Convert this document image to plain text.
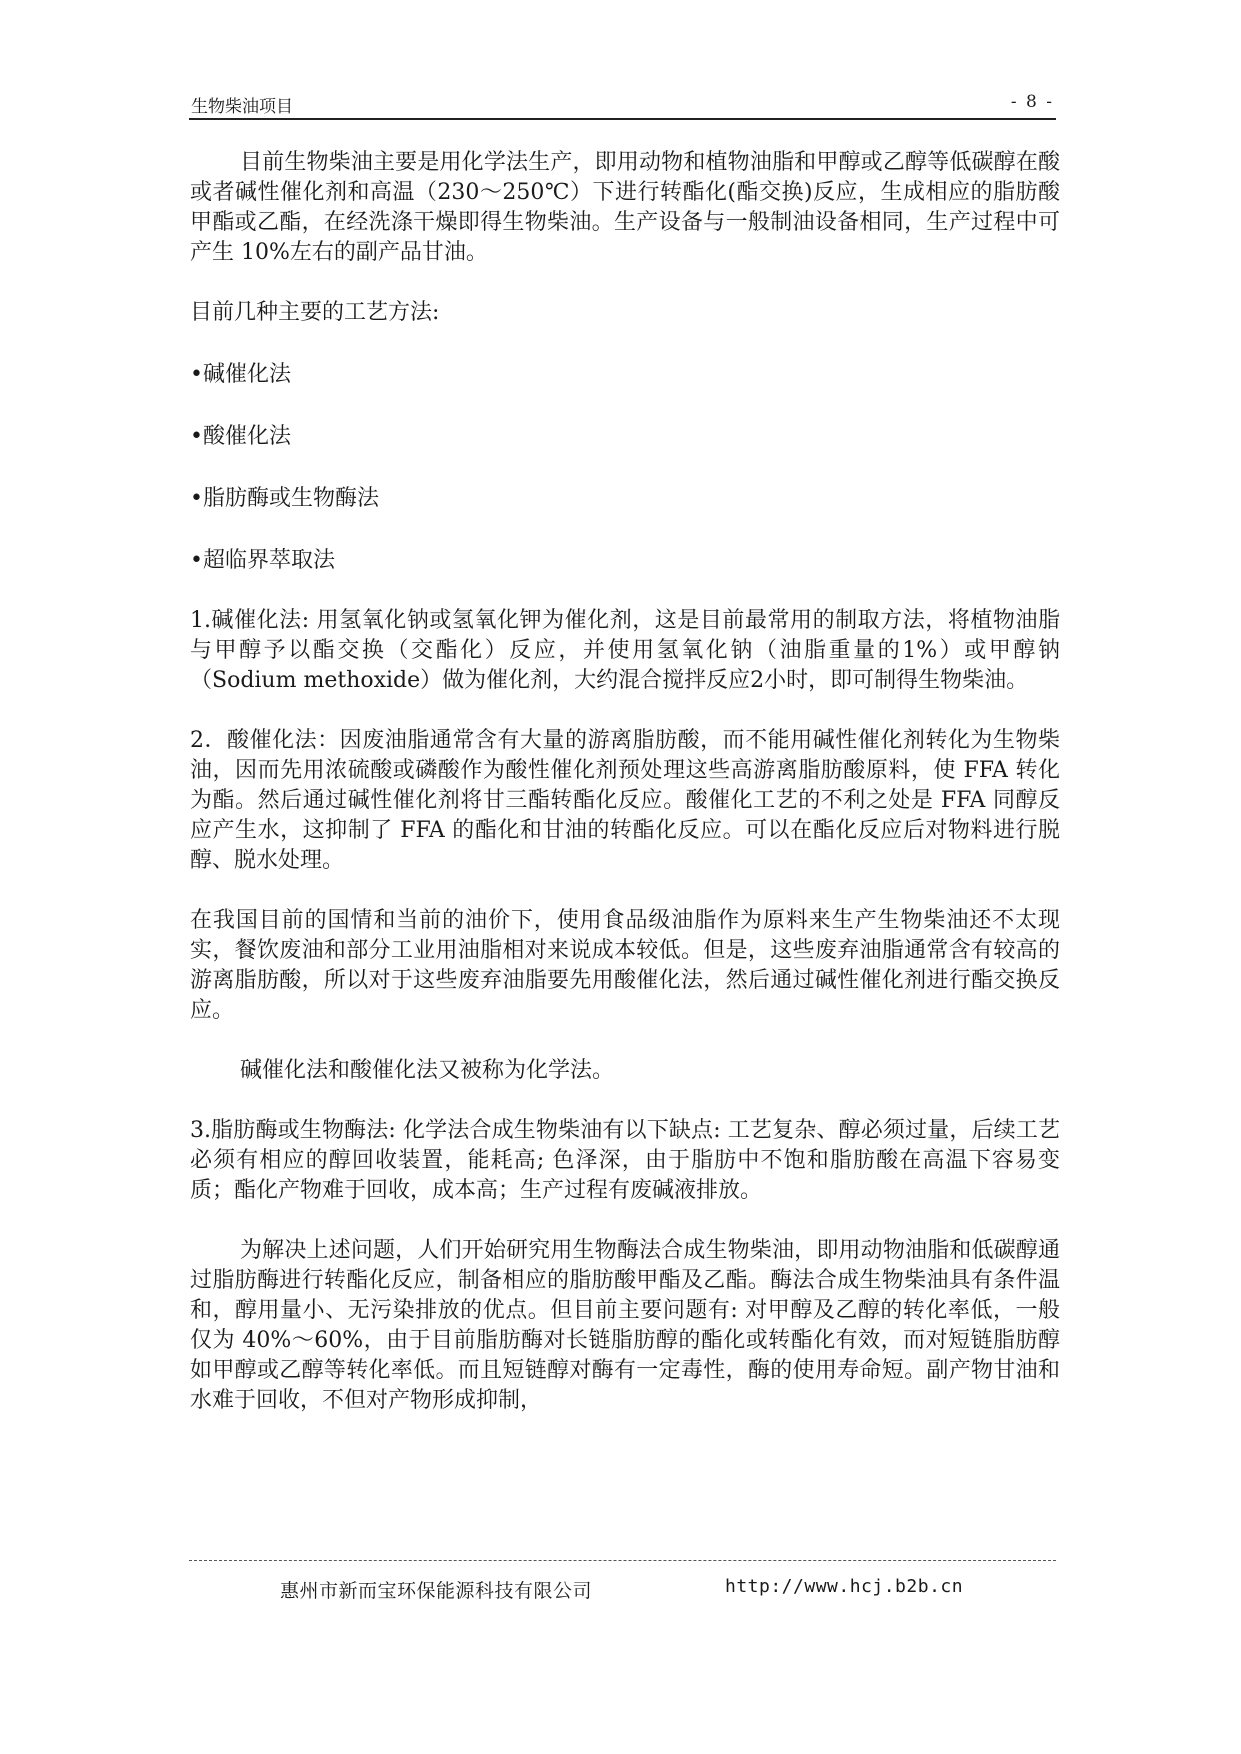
生物柴油项目	- 8 -

目前生物柴油主要是用化学法生产，即用动物和植物油脂和甲醇或乙醇等低碳醇在酸或者碱性催化剂和高温（230～250℃）下进行转酯化(酯交换)反应，生成相应的脂肪酸甲酯或乙酯，在经洗涤干燥即得生物柴油。生产设备与一般制油设备相同，生产过程中可产生 10%左右的副产品甘油。

目前几种主要的工艺方法:

•碱催化法

•酸催化法

•脂肪酶或生物酶法

•超临界萃取法

1.碱催化法: 用氢氧化钠或氢氧化钾为催化剂，这是目前最常用的制取方法，将植物油脂与甲醇予以酯交换（交酯化）反应，并使用氢氧化钠（油脂重量的1%）或甲醇钠（Sodium methoxide）做为催化剂，大约混合搅拌反应2小时，即可制得生物柴油。

2．酸催化法：因废油脂通常含有大量的游离脂肪酸，而不能用碱性催化剂转化为生物柴油，因而先用浓硫酸或磷酸作为酸性催化剂预处理这些高游离脂肪酸原料，使 FFA 转化为酯。然后通过碱性催化剂将甘三酯转酯化反应。酸催化工艺的不利之处是 FFA 同醇反应产生水，这抑制了 FFA 的酯化和甘油的转酯化反应。可以在酯化反应后对物料进行脱醇、脱水处理。

在我国目前的国情和当前的油价下，使用食品级油脂作为原料来生产生物柴油还不太现实，餐饮废油和部分工业用油脂相对来说成本较低。但是，这些废弃油脂通常含有较高的游离脂肪酸，所以对于这些废弃油脂要先用酸催化法，然后通过碱性催化剂进行酯交换反应。

碱催化法和酸催化法又被称为化学法。

3.脂肪酶或生物酶法: 化学法合成生物柴油有以下缺点: 工艺复杂、醇必须过量，后续工艺必须有相应的醇回收装置，能耗高; 色泽深，由于脂肪中不饱和脂肪酸在高温下容易变质；酯化产物难于回收，成本高；生产过程有废碱液排放。

为解决上述问题，人们开始研究用生物酶法合成生物柴油，即用动物油脂和低碳醇通过脂肪酶进行转酯化反应，制备相应的脂肪酸甲酯及乙酯。酶法合成生物柴油具有条件温和，醇用量小、无污染排放的优点。但目前主要问题有: 对甲醇及乙醇的转化率低，一般仅为 40%～60%，由于目前脂肪酶对长链脂肪醇的酯化或转酯化有效，而对短链脂肪醇如甲醇或乙醇等转化率低。而且短链醇对酶有一定毒性，酶的使用寿命短。副产物甘油和水难于回收，不但对产物形成抑制，

惠州市新而宝环保能源科技有限公司	http://www.hcj.b2b.cn
